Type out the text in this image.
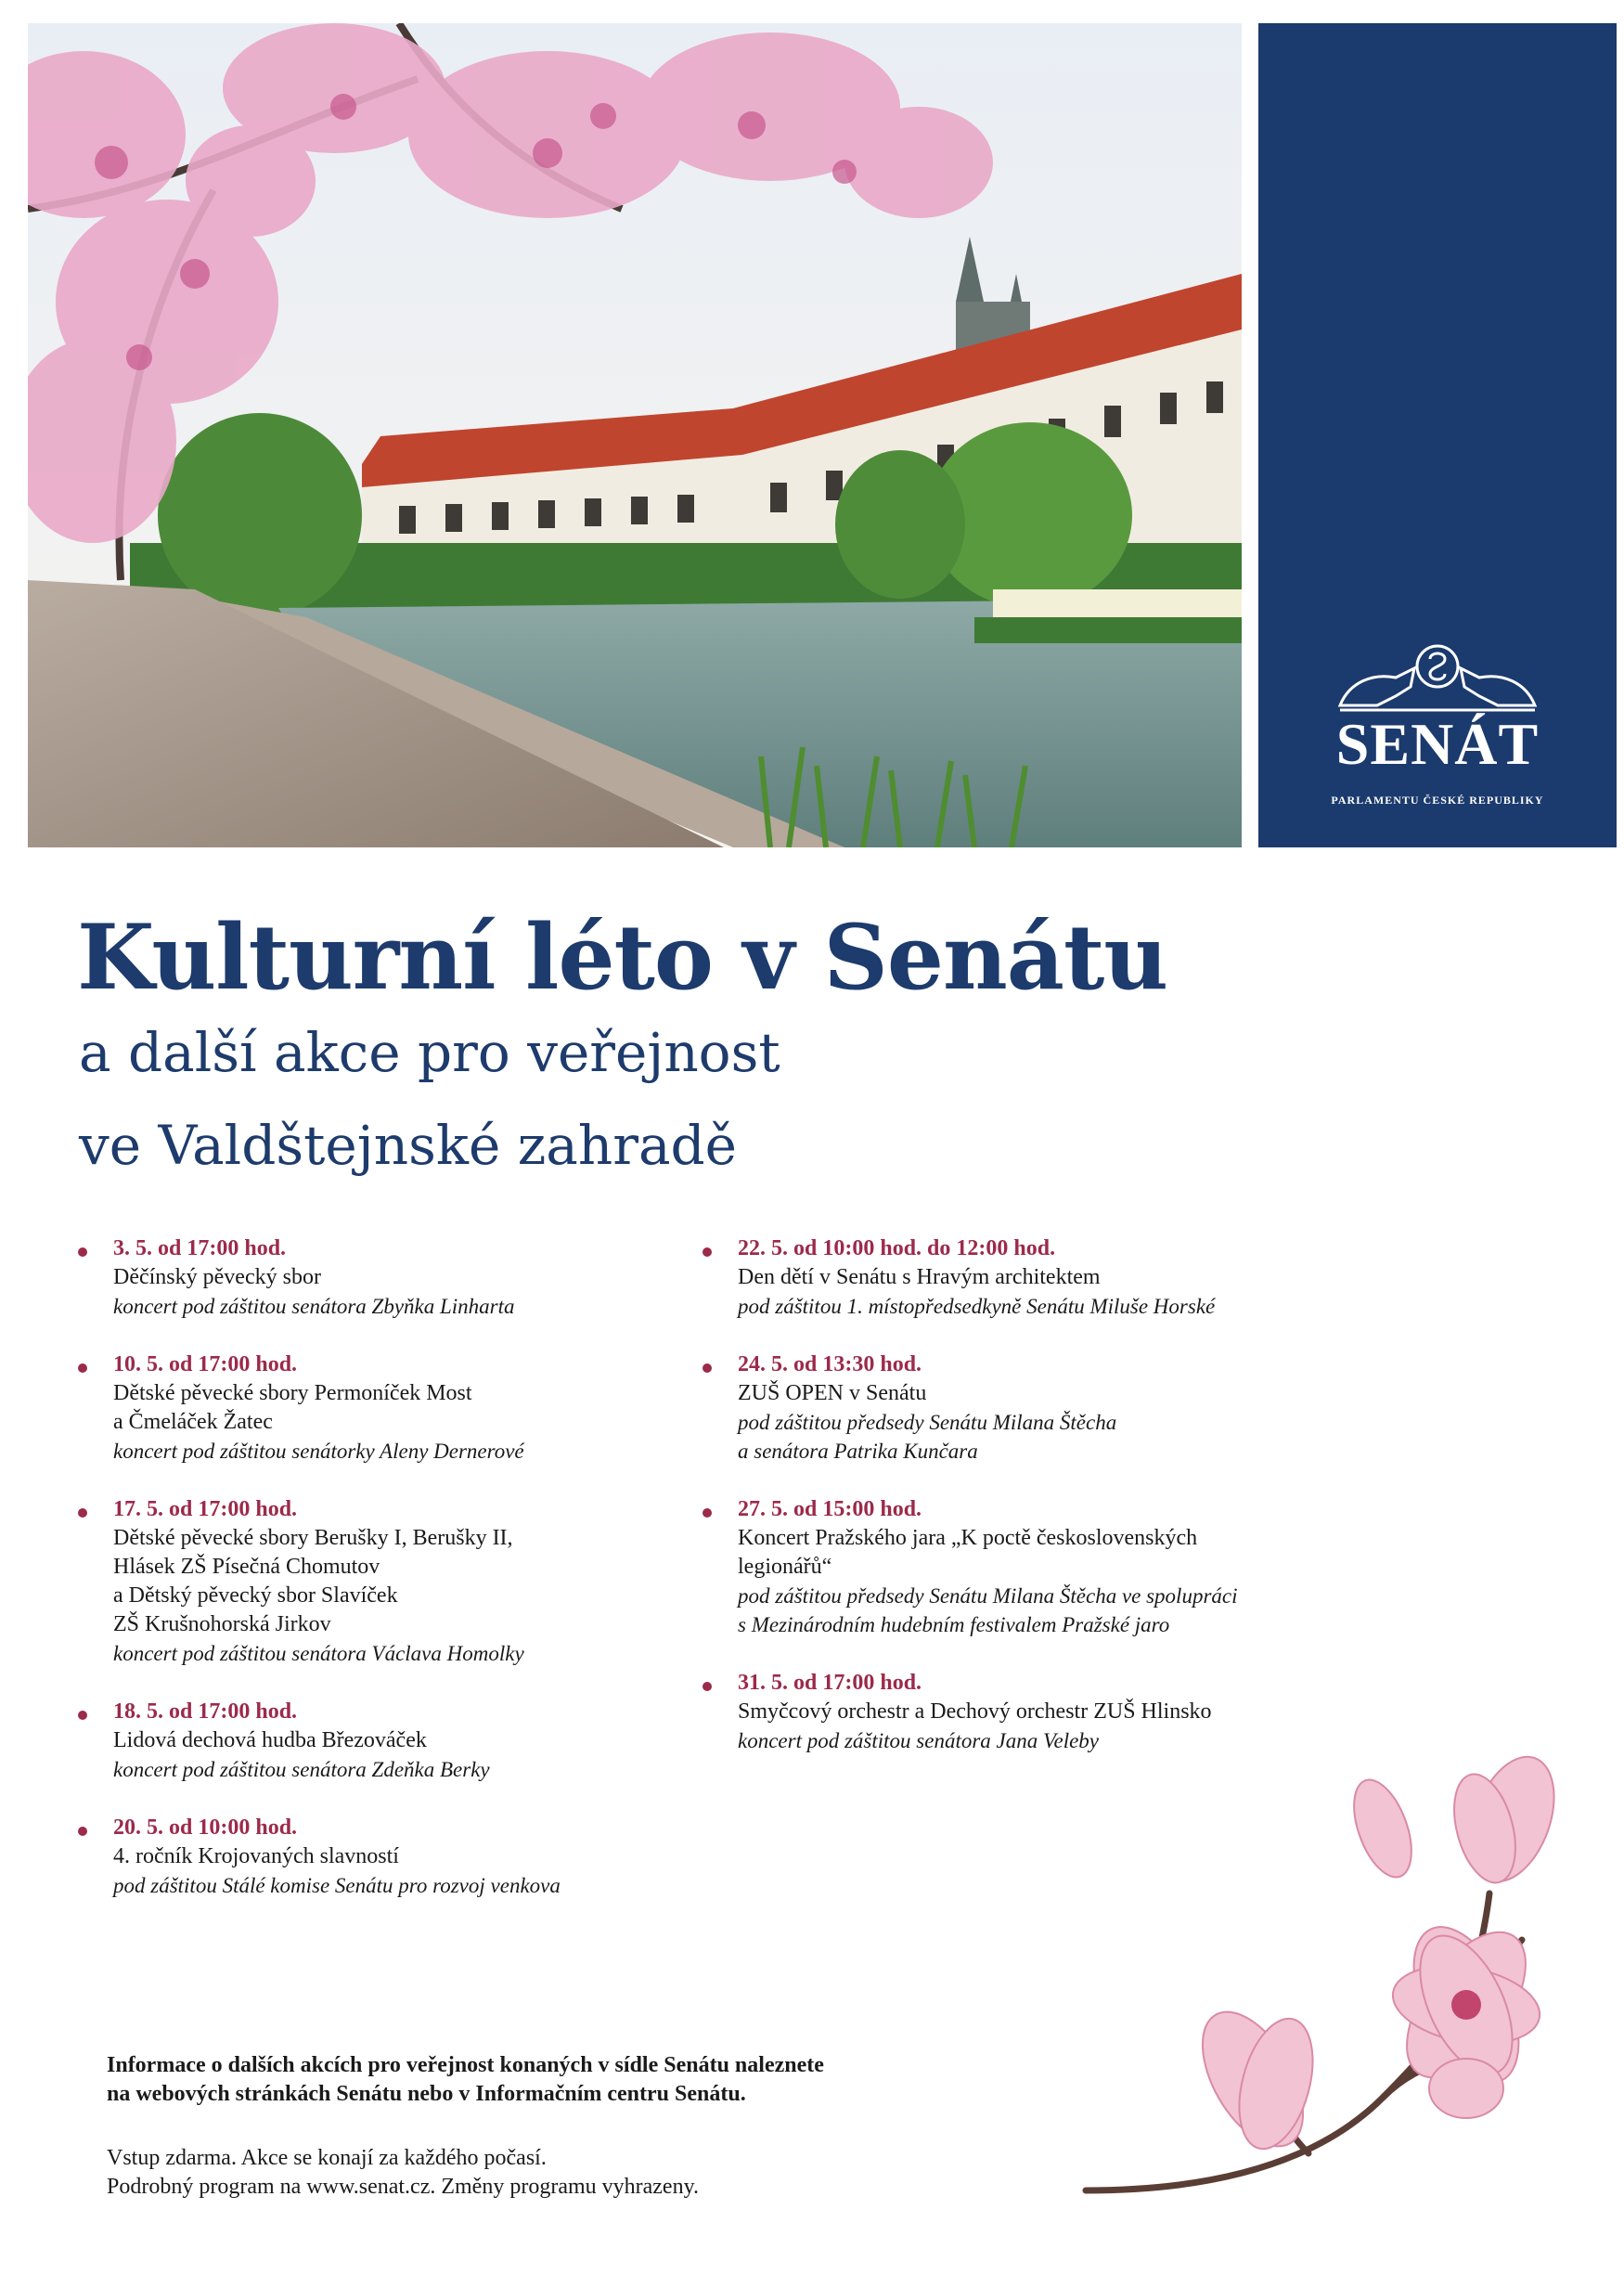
SENÁT
PARLAMENTU ČESKÉ REPUBLIKY
Kulturní léto v Senátu
a další akce pro veřejnost
ve Valdštejnské zahradě
3. 5. od 17:00 hod.
Děčínský pěvecký sbor
koncert pod záštitou senátora Zbyňka Linharta
10. 5. od 17:00 hod.
Dětské pěvecké sbory Permoníček Most
a Čmeláček Žatec
koncert pod záštitou senátorky Aleny Dernerové
17. 5. od 17:00 hod.
Dětské pěvecké sbory Berušky I, Berušky II,
Hlásek ZŠ Písečná Chomutov
a Dětský pěvecký sbor Slavíček
ZŠ Krušnohorská Jirkov
koncert pod záštitou senátora Václava Homolky
18. 5. od 17:00 hod.
Lidová dechová hudba Březováček
koncert pod záštitou senátora Zdeňka Berky
20. 5. od 10:00 hod.
4. ročník Krojovaných slavností
pod záštitou Stálé komise Senátu pro rozvoj venkova
22. 5. od 10:00 hod. do 12:00 hod.
Den dětí v Senátu s Hravým architektem
pod záštitou 1. místopředsedkyně Senátu Miluše Horské
24. 5. od 13:30 hod.
ZUŠ OPEN v Senátu
pod záštitou předsedy Senátu Milana Štěcha
a senátora Patrika Kunčara
27. 5. od 15:00 hod.
Koncert Pražského jara „K poctě československých
legionářů“
pod záštitou předsedy Senátu Milana Štěcha ve spolupráci
s Mezinárodním hudebním festivalem Pražské jaro
31. 5. od 17:00 hod.
Smyčcový orchestr a Dechový orchestr ZUŠ Hlinsko
koncert pod záštitou senátora Jana Veleby
Informace o dalších akcích pro veřejnost konaných v sídle Senátu naleznete
na webových stránkách Senátu nebo v Informačním centru Senátu.
Vstup zdarma. Akce se konají za každého počasí.
Podrobný program na www.senat.cz. Změny programu vyhrazeny.
